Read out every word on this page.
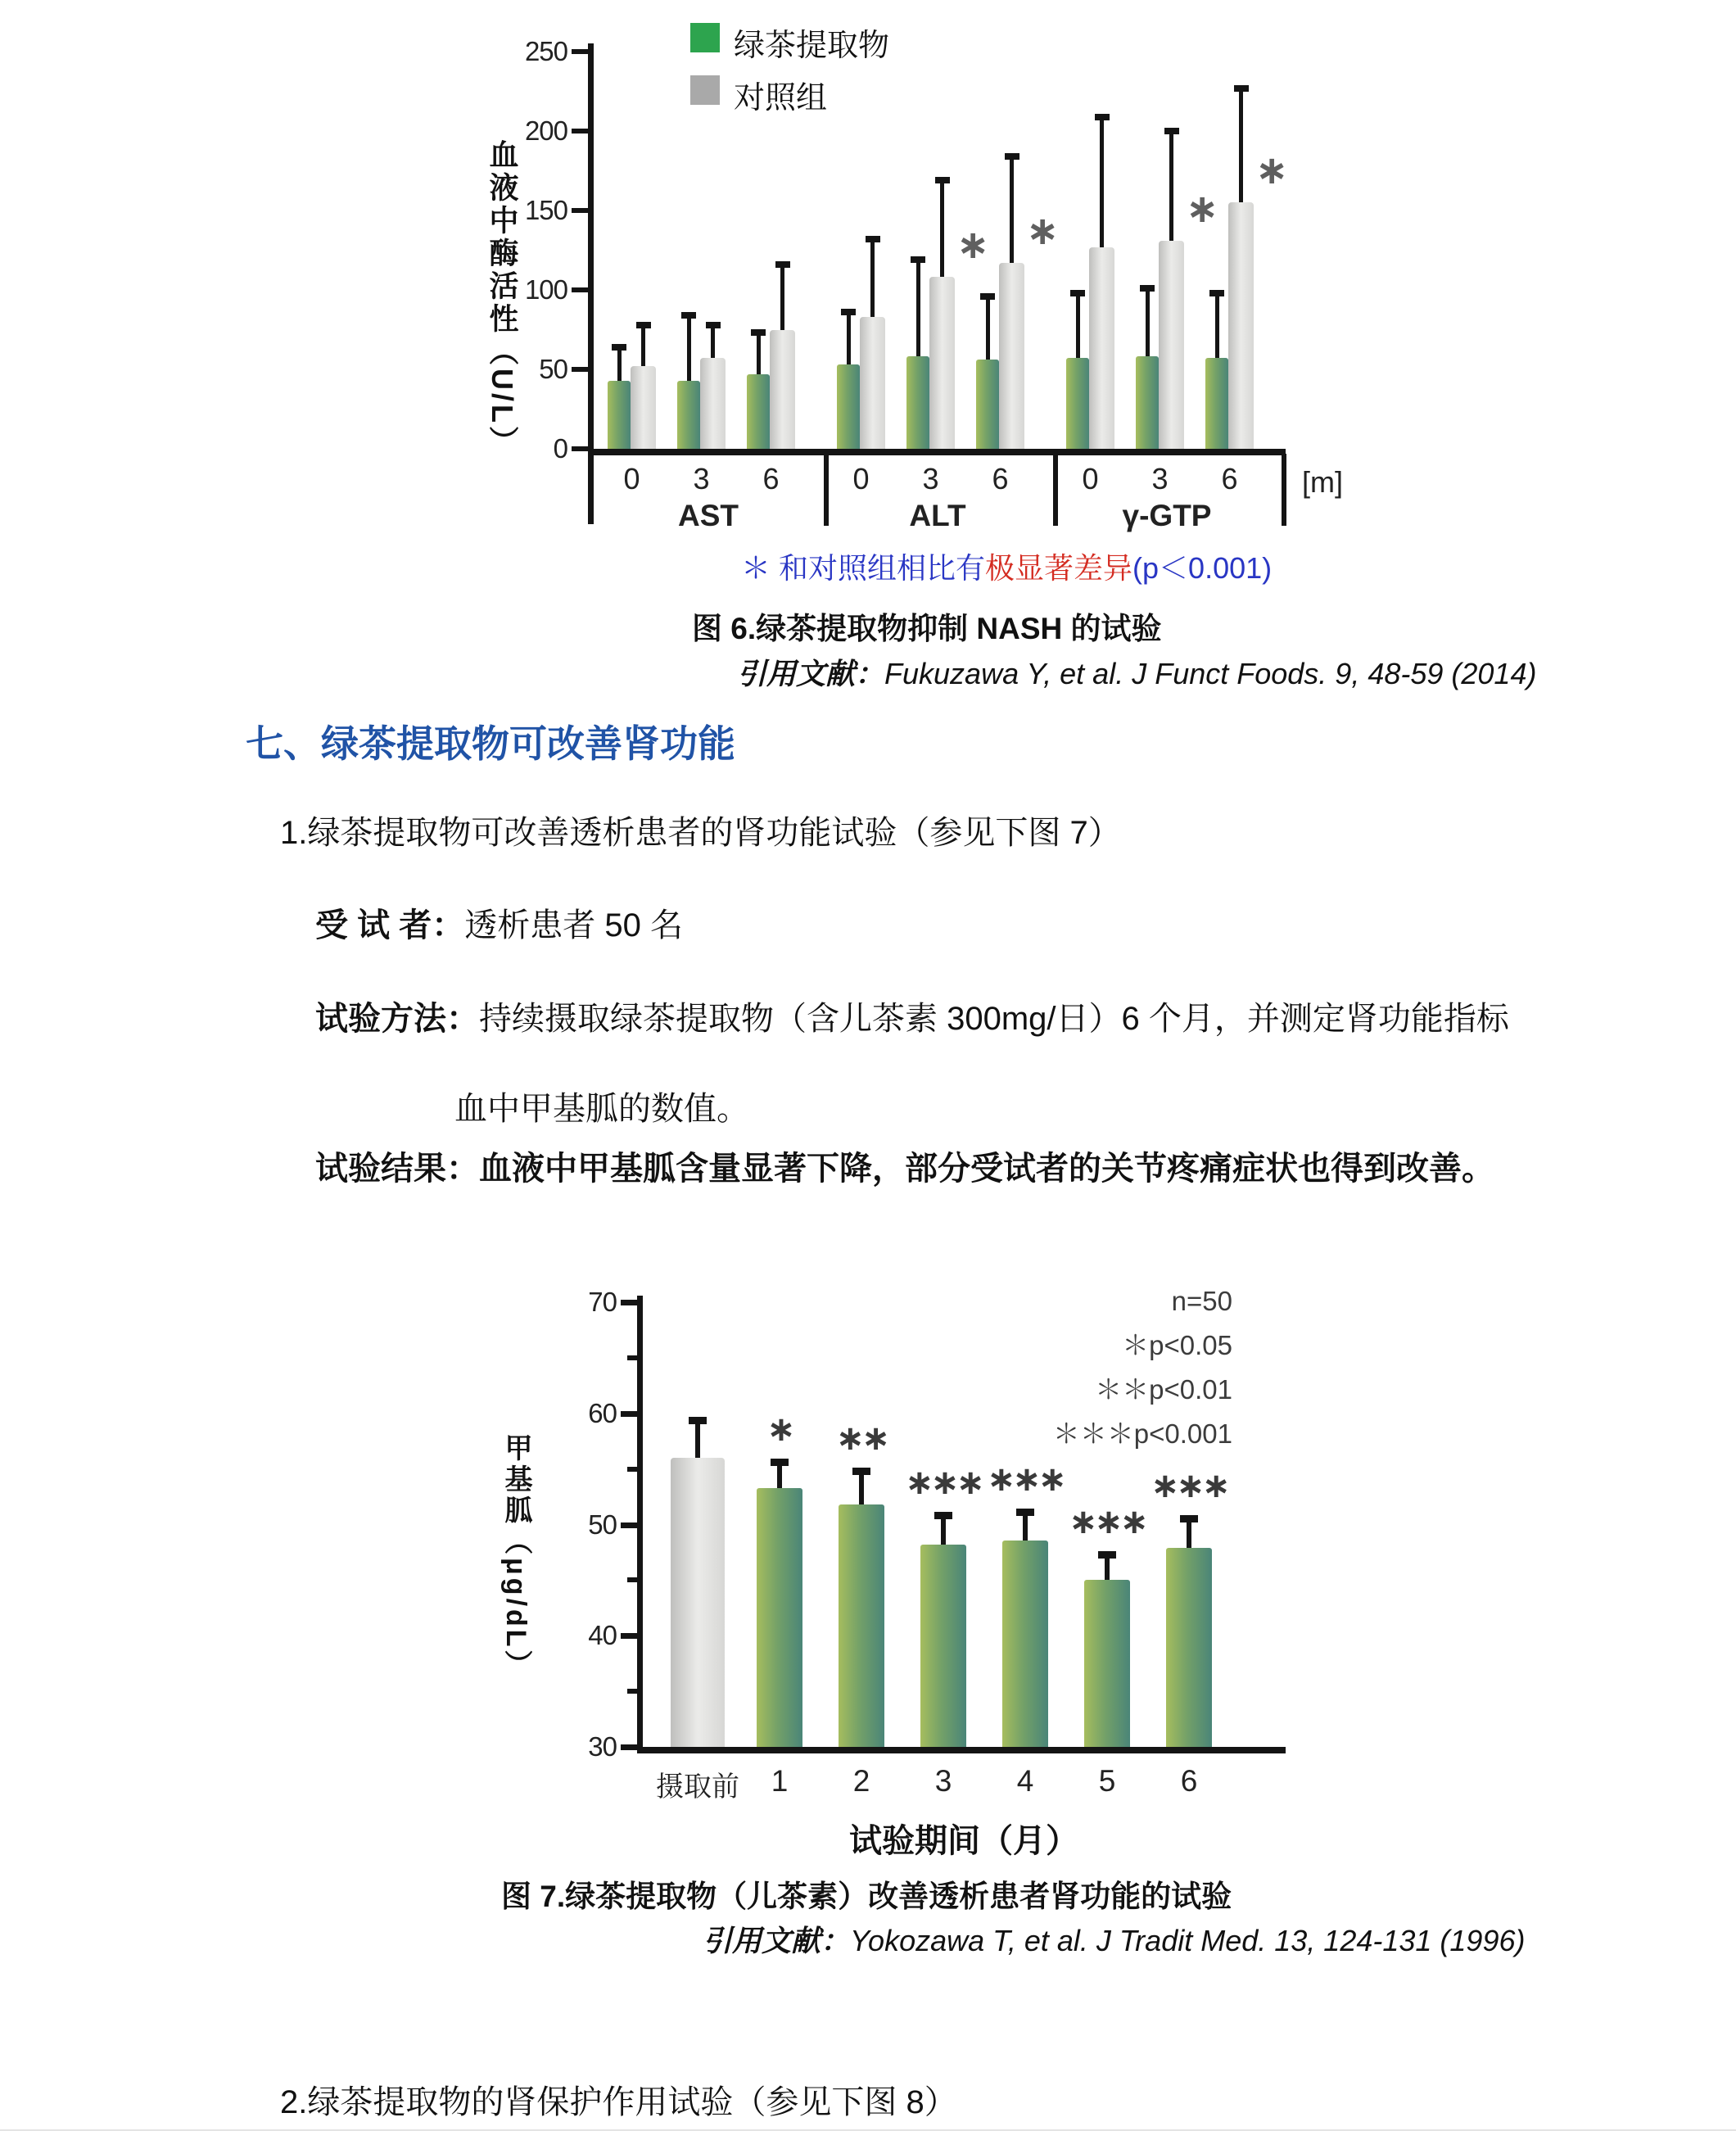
0
50
100
150
200
250
血液中酶活性（U/L）
绿茶提取物
对照组
0 3 6
AST
0
∗
3
∗
6
ALT
0
∗
3
∗
6
γ-GTP
[m]
＊ 和对照组相比有极显著差异(p＜0.001)
图 6.绿茶提取物抑制 NASH 的试验
引用文献：Fukuzawa Y, et al. J Funct Foods. 9, 48-59 (2014)
七、绿茶提取物可改善肾功能
1.绿茶提取物可改善透析患者的肾功能试验（参见下图 7）
受 试 者：透析患者 50 名
试验方法：持续摄取绿茶提取物（含儿茶素 300mg/日）6 个月，并测定肾功能指标
血中甲基胍的数值。
试验结果：血液中甲基胍含量显著下降，部分受试者的关节疼痛症状也得到改善。
30
40
50
60
70
甲基胍（μg/dL）
n=50
＊p<0.05
＊＊p<0.01
＊＊＊p<0.001
摄取前
∗
1
∗∗
2
∗∗∗
3
∗∗∗
4
∗∗∗
5
∗∗∗
6
试验期间（月）
图 7.绿茶提取物（儿茶素）改善透析患者肾功能的试验
引用文献：Yokozawa T, et al. J Tradit Med. 13, 124-131 (1996)
2.绿茶提取物的肾保护作用试验（参见下图 8）
